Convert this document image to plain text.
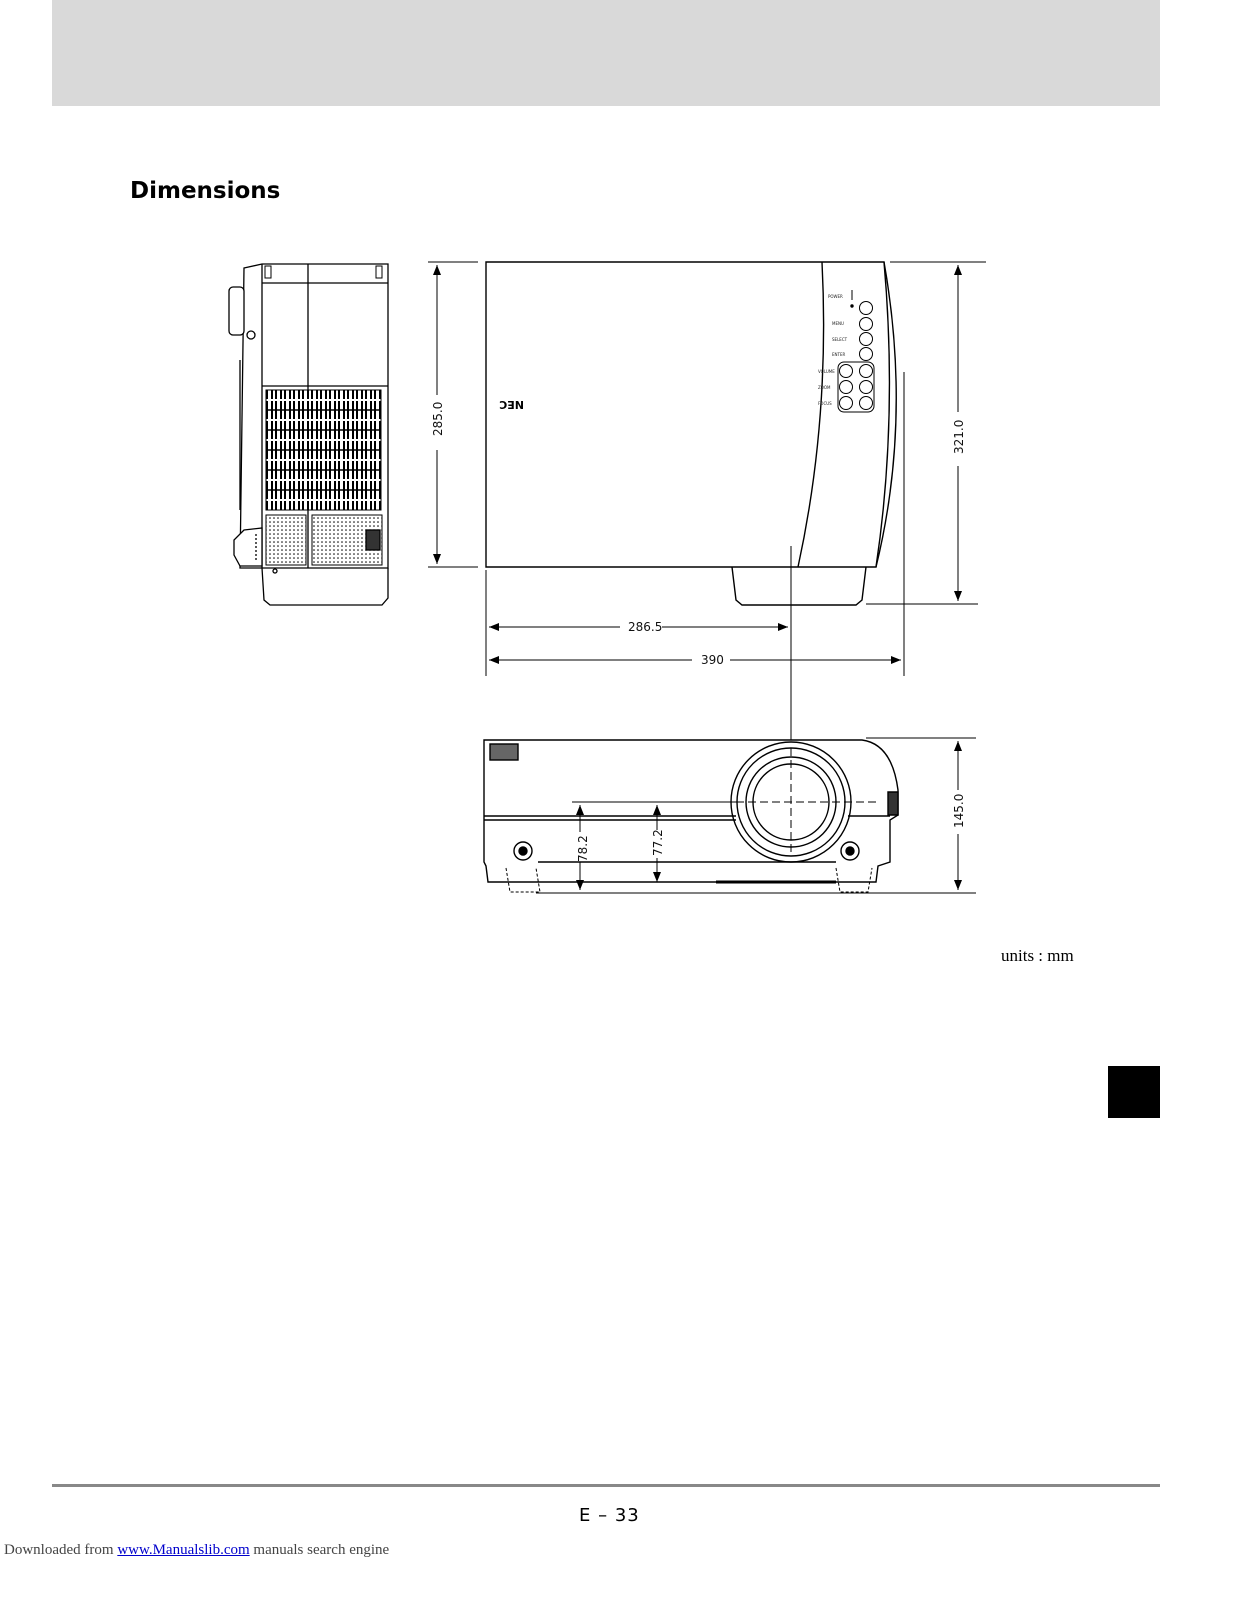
Dimensions
NEC
POWER
MENU
SELECT
ENTER
VOLUME
ZOOM
FOCUS
285.0
321.0
286.5
390
145.0
78.2	77.2
units : mm
E – 33
Downloaded from www.Manualslib.com manuals search engine
